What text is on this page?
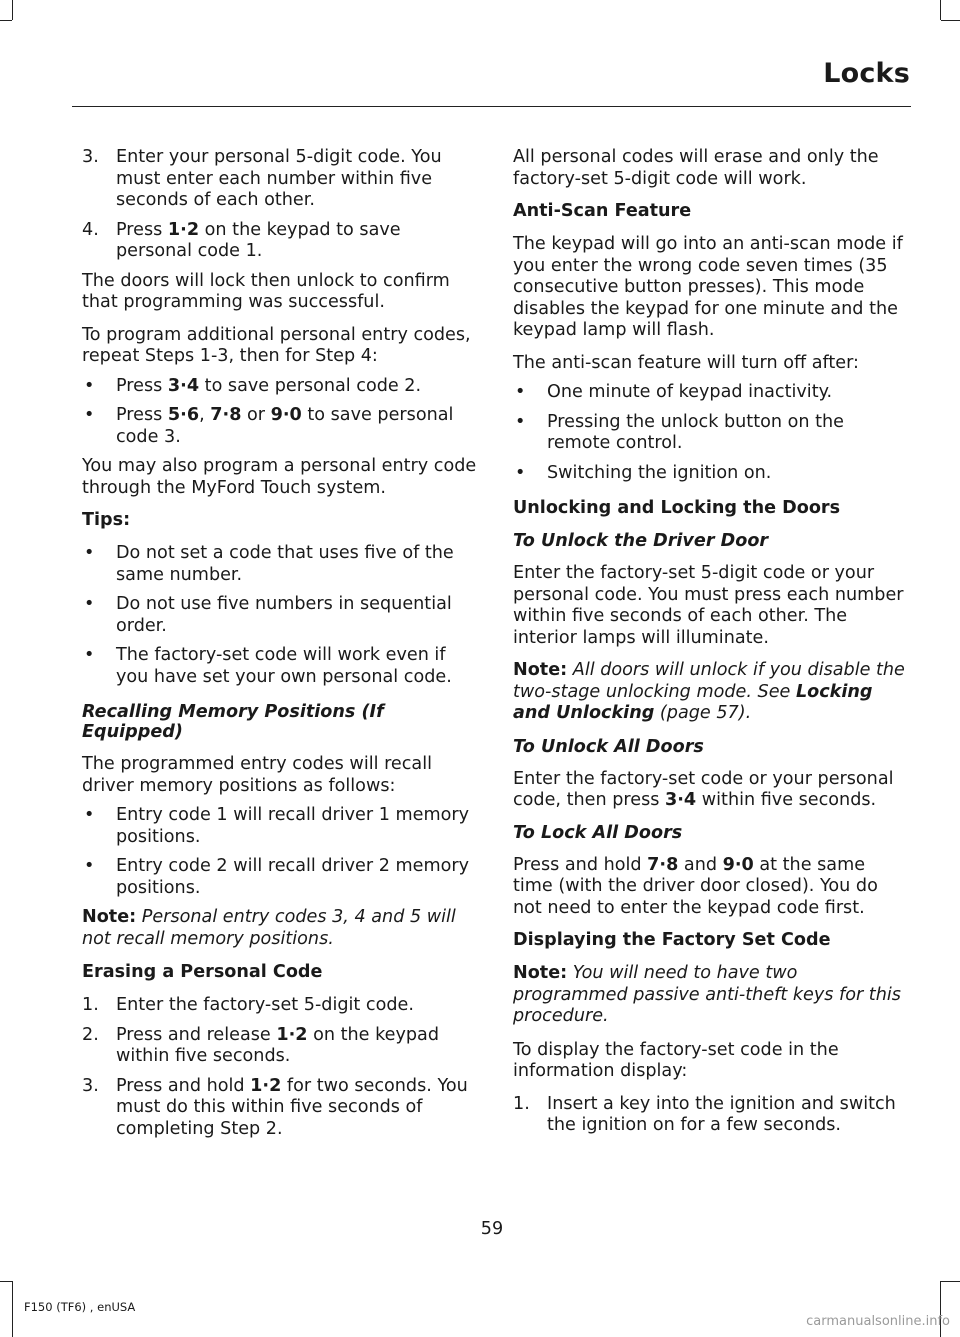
Locks
3. Enter your personal 5-digit code. You must enter each number within five seconds of each other.
4. Press 1·2 on the keypad to save personal code 1.

The doors will lock then unlock to confirm that programming was successful.

To program additional personal entry codes, repeat Steps 1-3, then for Step 4:

• Press 3·4 to save personal code 2.
• Press 5·6, 7·8 or 9·0 to save personal code 3.

You may also program a personal entry code through the MyFord Touch system.

Tips:

• Do not set a code that uses five of the same number.
• Do not use five numbers in sequential order.
• The factory-set code will work even if you have set your own personal code.

Recalling Memory Positions (If Equipped)

The programmed entry codes will recall driver memory positions as follows:

• Entry code 1 will recall driver 1 memory positions.
• Entry code 2 will recall driver 2 memory positions.

Note: Personal entry codes 3, 4 and 5 will not recall memory positions.

Erasing a Personal Code

1. Enter the factory-set 5-digit code.
2. Press and release 1·2 on the keypad within five seconds.
3. Press and hold 1·2 for two seconds. You must do this within five seconds of completing Step 2.

All personal codes will erase and only the factory-set 5-digit code will work.

Anti-Scan Feature

The keypad will go into an anti-scan mode if you enter the wrong code seven times (35 consecutive button presses). This mode disables the keypad for one minute and the keypad lamp will flash.

The anti-scan feature will turn off after:

• One minute of keypad inactivity.
• Pressing the unlock button on the remote control.
• Switching the ignition on.

Unlocking and Locking the Doors

To Unlock the Driver Door

Enter the factory-set 5-digit code or your personal code. You must press each number within five seconds of each other. The interior lamps will illuminate.

Note: All doors will unlock if you disable the two-stage unlocking mode. See Locking and Unlocking (page 57).

To Unlock All Doors

Enter the factory-set code or your personal code, then press 3·4 within five seconds.

To Lock All Doors

Press and hold 7·8 and 9·0 at the same time (with the driver door closed). You do not need to enter the keypad code first.

Displaying the Factory Set Code

Note: You will need to have two programmed passive anti-theft keys for this procedure.

To display the factory-set code in the information display:

1. Insert a key into the ignition and switch the ignition on for a few seconds.
59
F150 (TF6) , enUSA
carmanualsonline.info
